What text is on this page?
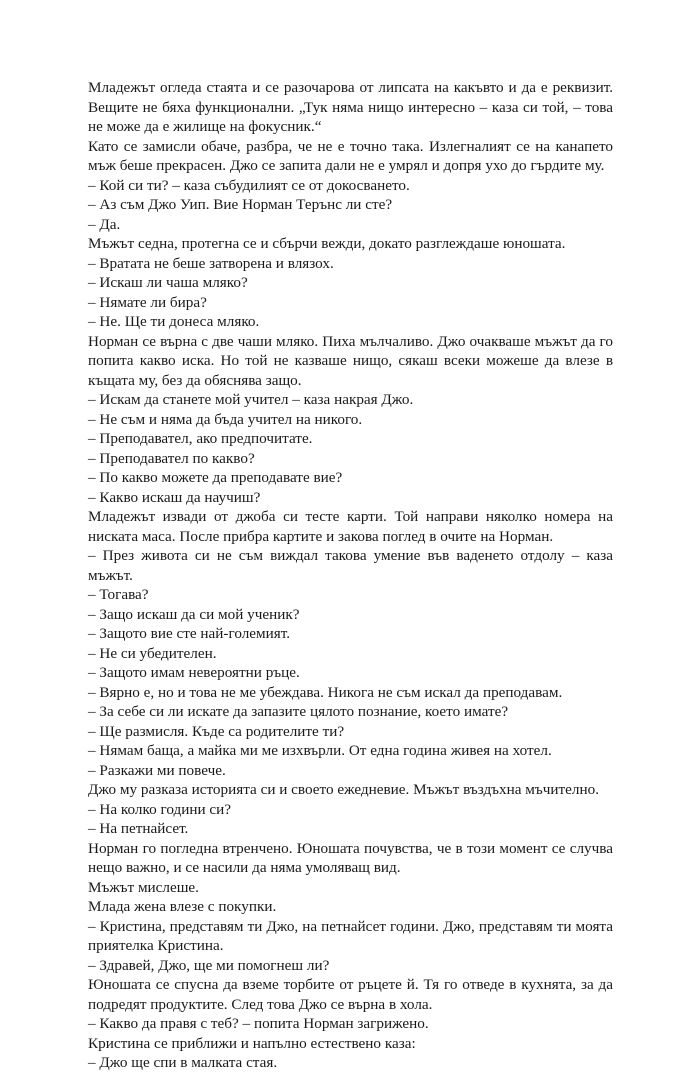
Младежът огледа стаята и се разочарова от липсата на какъвто и да е реквизит. Вещите не бяха функционални. „Тук няма нищо интересно – каза си той, – това не може да е жилище на фокусник.“

Като се замисли обаче, разбра, че не е точно така. Излегналият се на канапето мъж беше прекрасен. Джо се запита дали не е умрял и допря ухо до гърдите му.

– Кой си ти? – каза събудилият се от докосването.

– Аз съм Джо Уип. Вие Норман Терънс ли сте?

– Да.

Мъжът седна, протегна се и сбърчи вежди, докато разглеждаше юношата.

– Вратата не беше затворена и влязох.

– Искаш ли чаша мляко?

– Нямате ли бира?

– Не. Ще ти донеса мляко.

Норман се върна с две чаши мляко. Пиха мълчаливо. Джо очакваше мъжът да го попита какво иска. Но той не казваше нищо, сякаш всеки можеше да влезе в къщата му, без да обяснява защо.

– Искам да станете мой учител – каза накрая Джо.

– Не съм и няма да бъда учител на никого.

– Преподавател, ако предпочитате.

– Преподавател по какво?

– По какво можете да преподавате вие?

– Какво искаш да научиш?

Младежът извади от джоба си тесте карти. Той направи няколко номера на ниската маса. После прибра картите и закова поглед в очите на Норман.

– През живота си не съм виждал такова умение във ваденето отдолу – каза мъжът.

– Тогава?

– Защо искаш да си мой ученик?

– Защото вие сте най-големият.

– Не си убедителен.

– Защото имам невероятни ръце.

– Вярно е, но и това не ме убеждава. Никога не съм искал да преподавам.

– За себе си ли искате да запазите цялото познание, което имате?

– Ще размисля. Къде са родителите ти?

– Нямам баща, а майка ми ме изхвърли. От една година живея на хотел.

– Разкажи ми повече.

Джо му разказа историята си и своето ежедневие. Мъжът въздъхна мъчително.

– На колко години си?

– На петнайсет.

Норман го погледна втренчено. Юношата почувства, че в този момент се случва нещо важно, и се насили да няма умоляващ вид.

Мъжът мислеше.

Млада жена влезе с покупки.

– Кристина, представям ти Джо, на петнайсет години. Джо, представям ти моята приятелка Кристина.

– Здравей, Джо, ще ми помогнеш ли?

Юношата се спусна да вземе торбите от ръцете й. Тя го отведе в кухнята, за да подредят продуктите. След това Джо се върна в хола.

– Какво да правя с теб? – попита Норман загрижено.

Кристина се приближи и напълно естествено каза:

– Джо ще спи в малката стая.
